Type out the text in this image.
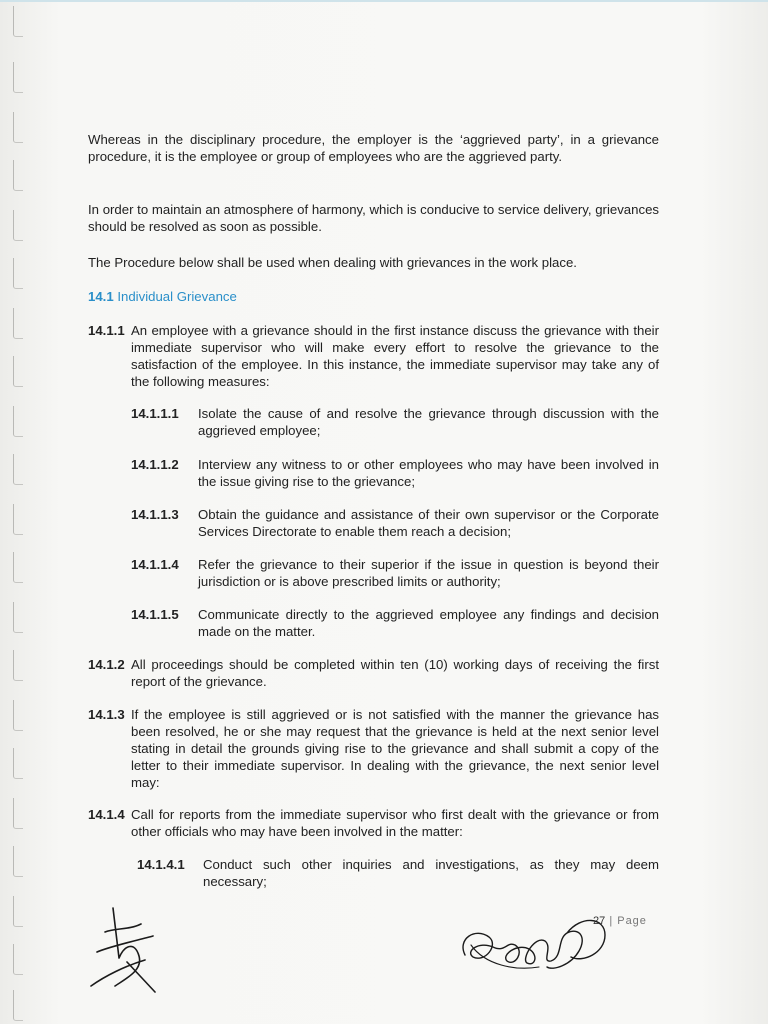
Whereas in the disciplinary procedure, the employer is the ‘aggrieved party’, in a grievance procedure, it is the employee or group of employees who are the aggrieved party.

In order to maintain an atmosphere of harmony, which is conducive to service delivery, grievances should be resolved as soon as possible.

The Procedure below shall be used when dealing with grievances in the work place.

14.1 Individual Grievance
14.1.1 An employee with a grievance should in the first instance discuss the grievance with their immediate supervisor who will make every effort to resolve the grievance to the satisfaction of the employee. In this instance, the immediate supervisor may take any of the following measures:
14.1.1.1 Isolate the cause of and resolve the grievance through discussion with the aggrieved employee;
14.1.1.2 Interview any witness to or other employees who may have been involved in the issue giving rise to the grievance;
14.1.1.3 Obtain the guidance and assistance of their own supervisor or the Corporate Services Directorate to enable them reach a decision;
14.1.1.4 Refer the grievance to their superior if the issue in question is beyond their jurisdiction or is above prescribed limits or authority;
14.1.1.5 Communicate directly to the aggrieved employee any findings and decision made on the matter.
14.1.2 All proceedings should be completed within ten (10) working days of receiving the first report of the grievance.
14.1.3 If the employee is still aggrieved or is not satisfied with the manner the grievance has been resolved, he or she may request that the grievance is held at the next senior level stating in detail the grounds giving rise to the grievance and shall submit a copy of the letter to their immediate supervisor. In dealing with the grievance, the next senior level may:
14.1.4 Call for reports from the immediate supervisor who first dealt with the grievance or from other officials who may have been involved in the matter:
14.1.4.1 Conduct such other inquiries and investigations, as they may deem necessary;
27 | Page
